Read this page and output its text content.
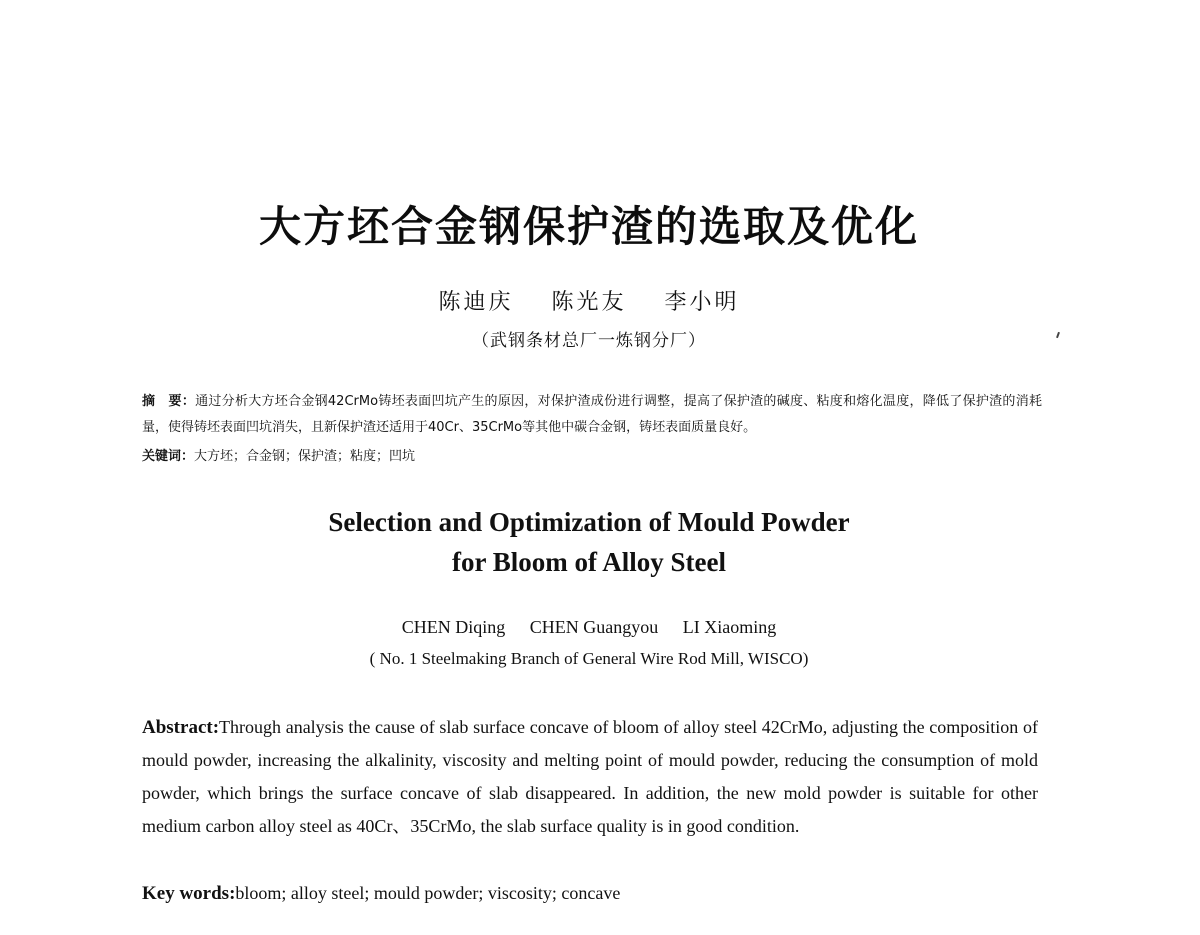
大方坯合金钢保护渣的选取及优化
陈迪庆 陈光友 李小明
（武钢条材总厂一炼钢分厂）
摘　要：通过分析大方坯合金钢42CrMo铸坯表面凹坑产生的原因，对保护渣成份进行调整，提高了保护渣的碱度、粘度和熔化温度，降低了保护渣的消耗量，使得铸坯表面凹坑消失，且新保护渣还适用于40Cr、35CrMo等其他中碳合金钢，铸坯表面质量良好。
关键词：大方坯；合金钢；保护渣；粘度；凹坑
Selection and Optimization of Mould Powder
for Bloom of Alloy Steel
CHEN Diqing CHEN Guangyou LI Xiaoming
( No. 1 Steelmaking Branch of General Wire Rod Mill, WISCO)
Abstract:Through analysis the cause of slab surface concave of bloom of alloy steel 42CrMo, adjusting the composition of mould powder, increasing the alkalinity, viscosity and melting point of mould powder, reducing the consumption of mold powder, which brings the surface concave of slab disappeared. In addition, the new mold powder is suitable for other medium carbon alloy steel as 40Cr、35CrMo, the slab surface quality is in good condition.
Key words:bloom; alloy steel; mould powder; viscosity; concave
